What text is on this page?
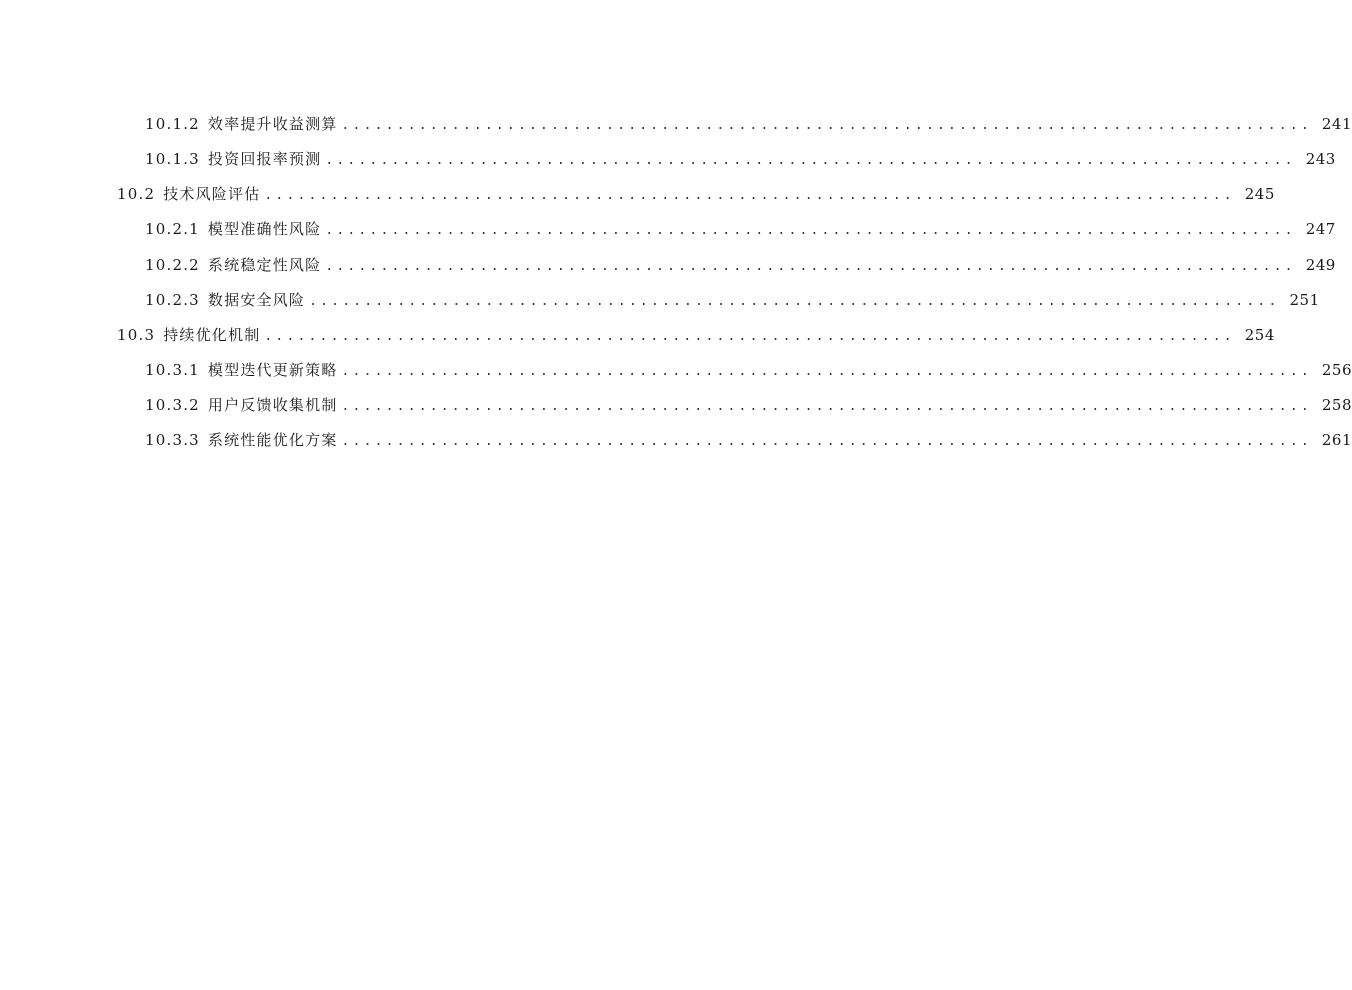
10.1.2 效率提升收益测算 ........................................................................................ 241
10.1.3 投资回报率预测 ........................................................................................ 243
10.2 技术风险评估 ........................................................................................ 245
10.2.1 模型准确性风险 ........................................................................................ 247
10.2.2 系统稳定性风险 ........................................................................................ 249
10.2.3 数据安全风险 ........................................................................................ 251
10.3 持续优化机制 ........................................................................................ 254
10.3.1 模型迭代更新策略 ........................................................................................ 256
10.3.2 用户反馈收集机制 ........................................................................................ 258
10.3.3 系统性能优化方案 ........................................................................................ 261
